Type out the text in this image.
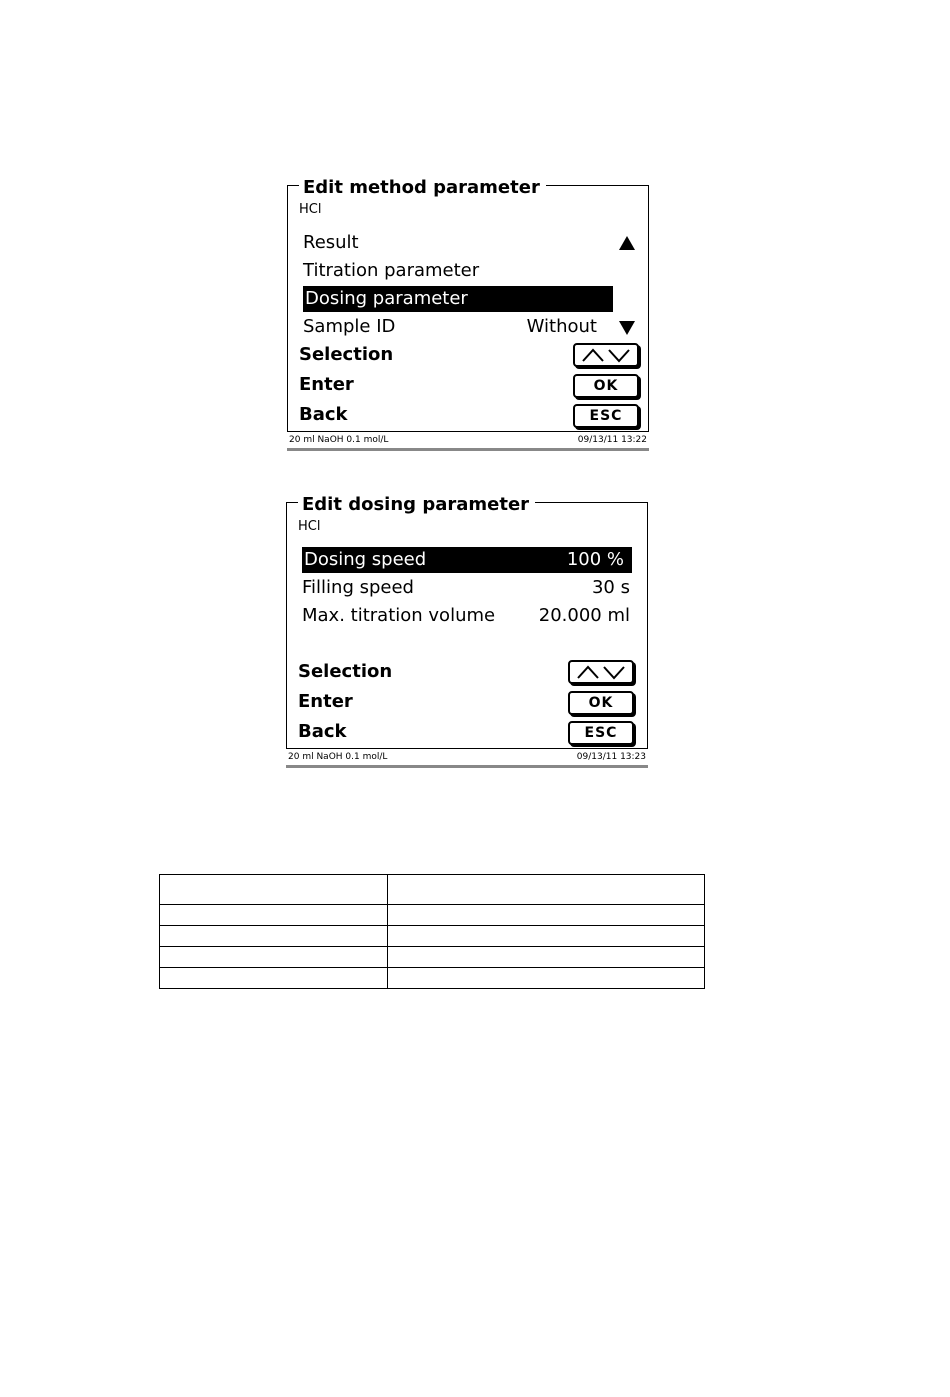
Edit method parameter
HCl
Result
Titration parameter
Dosing parameter
Sample ID	Without
Selection
Enter	OK
Back	ESC
20 ml NaOH 0.1 mol/L	09/13/11 13:22
Edit dosing parameter
HCl
Dosing speed	100 %
Filling speed	30 s
Max. titration volume 20.000 ml
Selection
Enter	OK
Back	ESC
20 ml NaOH 0.1 mol/L	09/13/11 13:23
